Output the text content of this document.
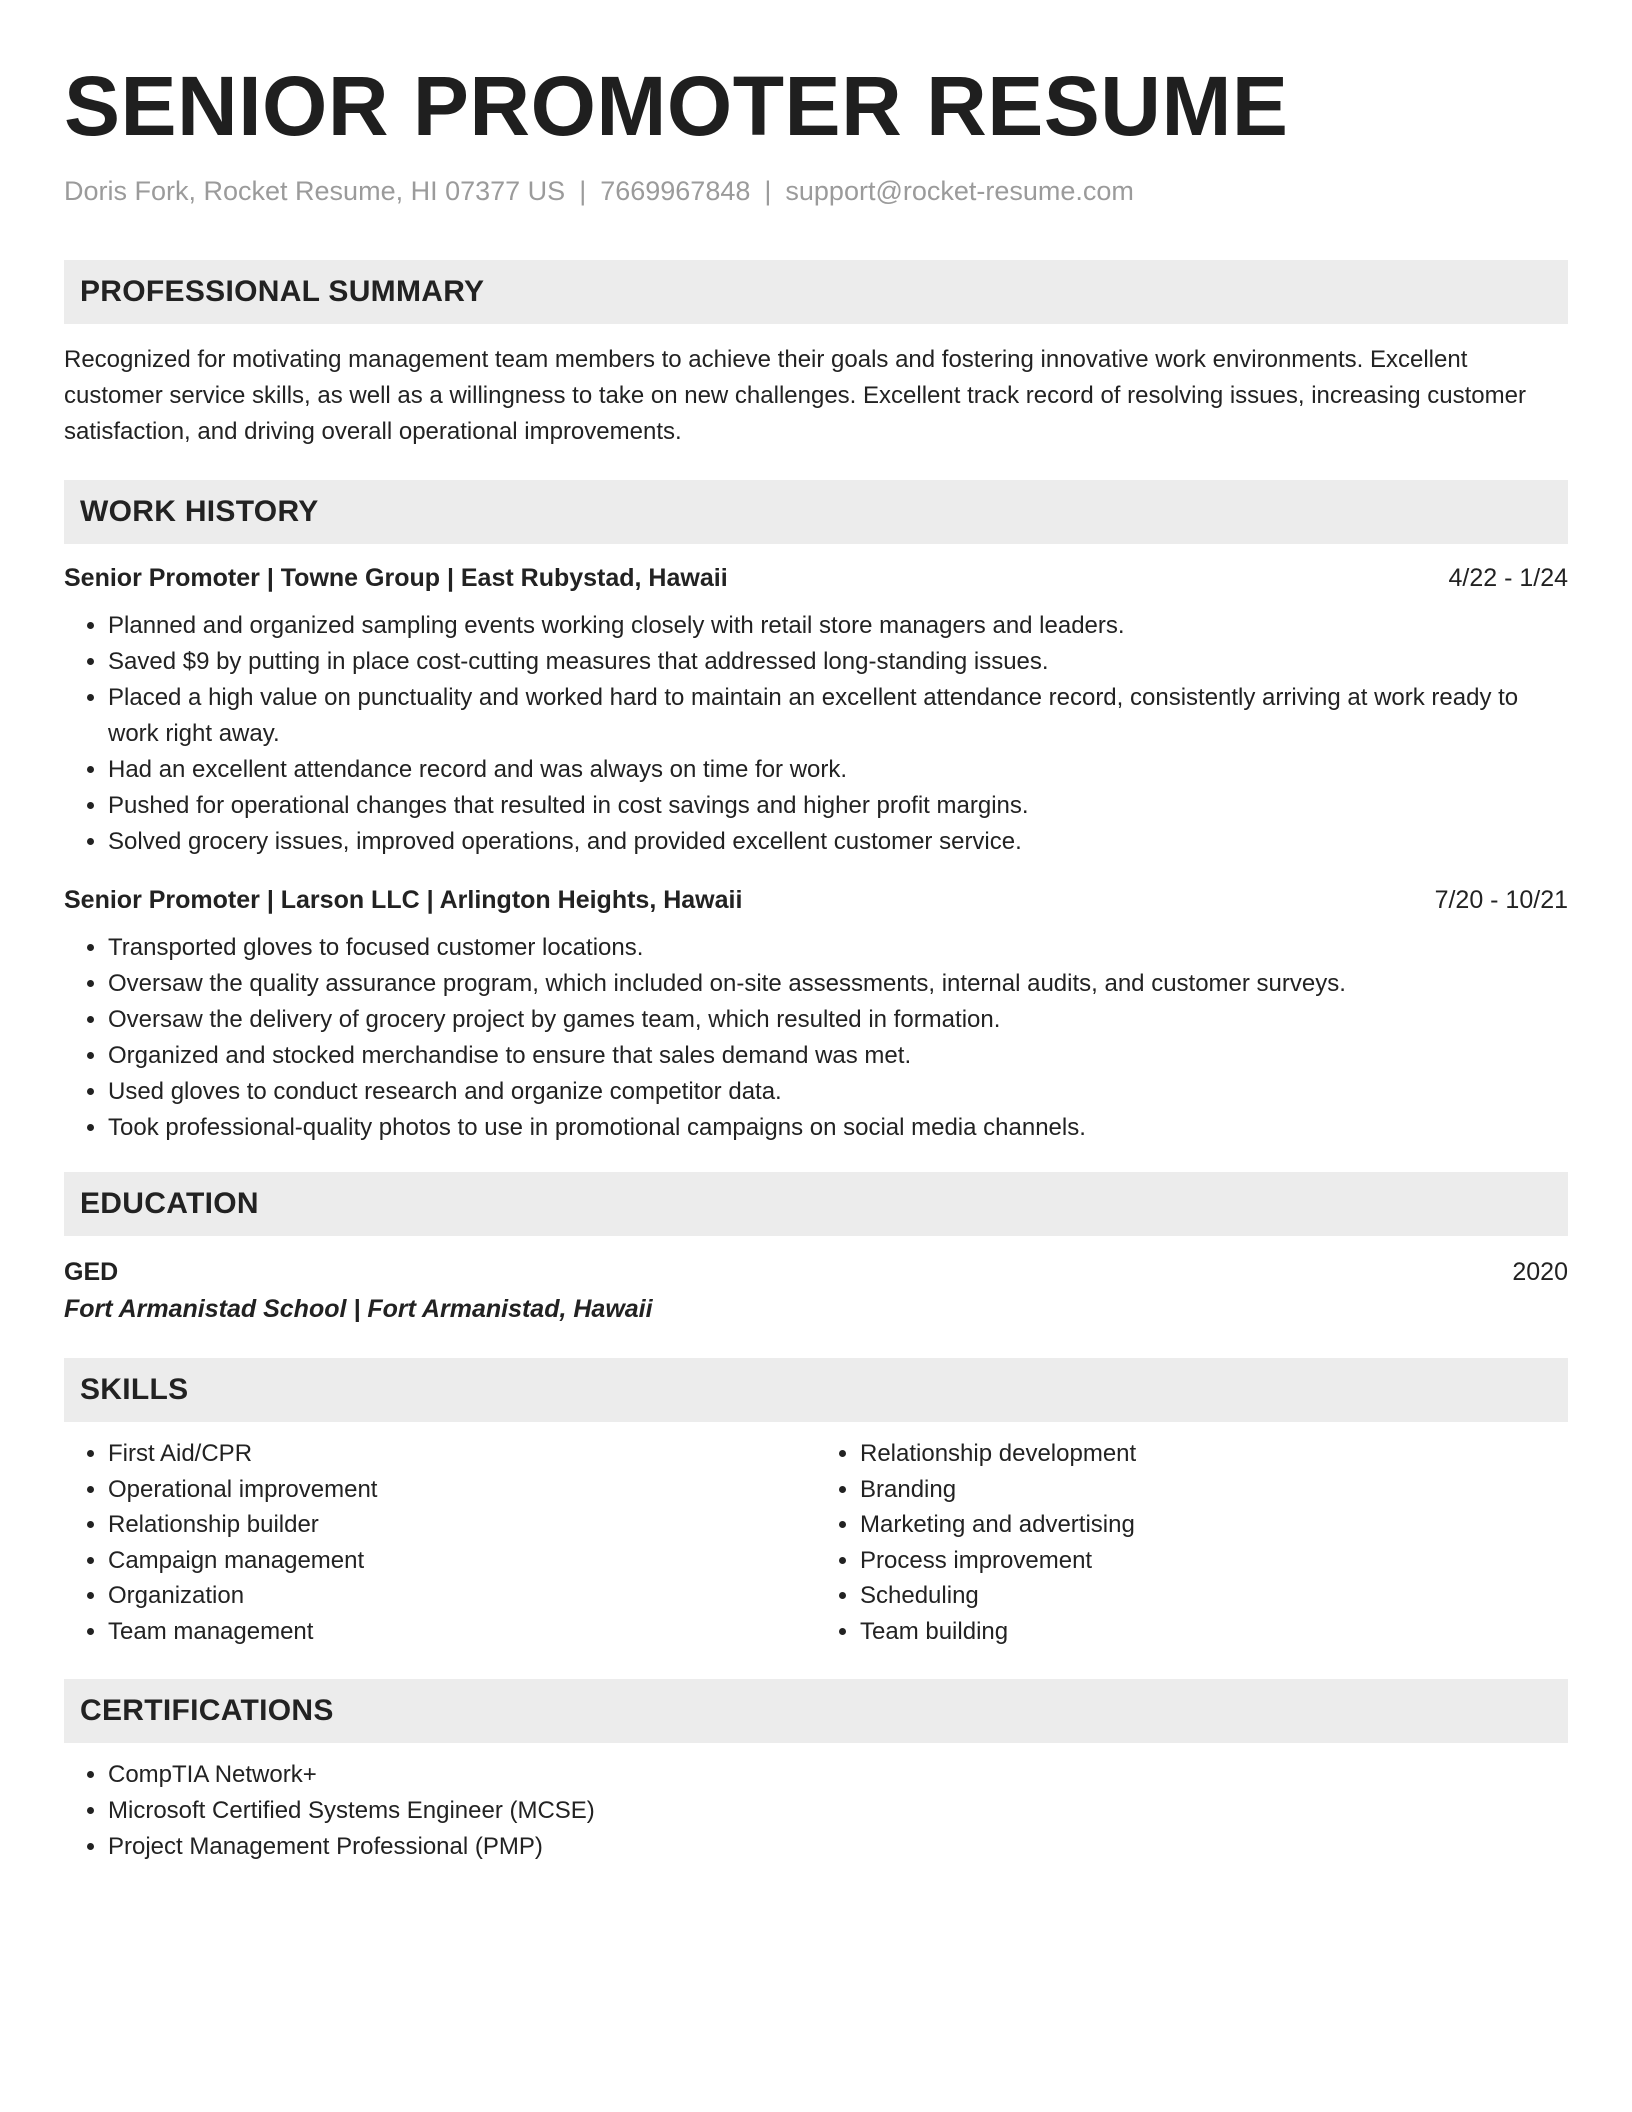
SENIOR PROMOTER RESUME
Doris Fork, Rocket Resume, HI 07377 US | 7669967848 | support@rocket-resume.com
PROFESSIONAL SUMMARY

Recognized for motivating management team members to achieve their goals and fostering innovative work environments. Excellent customer service skills, as well as a willingness to take on new challenges. Excellent track record of resolving issues, increasing customer satisfaction, and driving overall operational improvements.

WORK HISTORY
Senior Promoter | Towne Group | East Rubystad, Hawaii	4/22 - 1/24
• Planned and organized sampling events working closely with retail store managers and leaders.
• Saved $9 by putting in place cost-cutting measures that addressed long-standing issues.
• Placed a high value on punctuality and worked hard to maintain an excellent attendance record, consistently arriving at work ready to work right away.
• Had an excellent attendance record and was always on time for work.
• Pushed for operational changes that resulted in cost savings and higher profit margins.
• Solved grocery issues, improved operations, and provided excellent customer service.
Senior Promoter | Larson LLC | Arlington Heights, Hawaii	7/20 - 10/21
• Transported gloves to focused customer locations.
• Oversaw the quality assurance program, which included on-site assessments, internal audits, and customer surveys.
• Oversaw the delivery of grocery project by games team, which resulted in formation.
• Organized and stocked merchandise to ensure that sales demand was met.
• Used gloves to conduct research and organize competitor data.
• Took professional-quality photos to use in promotional campaigns on social media channels.
EDUCATION
GED	2020
Fort Armanistad School | Fort Armanistad, Hawaii
SKILLS
• First Aid/CPR
• Operational improvement
• Relationship builder
• Campaign management
• Organization
• Team management
• Relationship development
• Branding
• Marketing and advertising
• Process improvement
• Scheduling
• Team building
CERTIFICATIONS
• CompTIA Network+
• Microsoft Certified Systems Engineer (MCSE)
• Project Management Professional (PMP)
